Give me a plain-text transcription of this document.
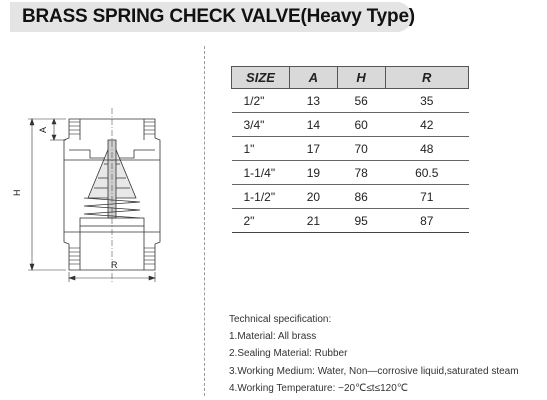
BRASS SPRING CHECK VALVE(Heavy Type)
H
A
R
SIZE	A	H	R
1/2"	13	56	35
3/4"	14	60	42
1"	17	70	48
1-1/4"	19	78	60.5
1-1/2"	20	86	71
2"	21	95	87
Technical specification:
1.Material: All brass
2.Sealing Material: Rubber
3.Working Medium: Water, Non—corrosive liquid,saturated steam
4.Working Temperature: −20℃≤t≤120℃
